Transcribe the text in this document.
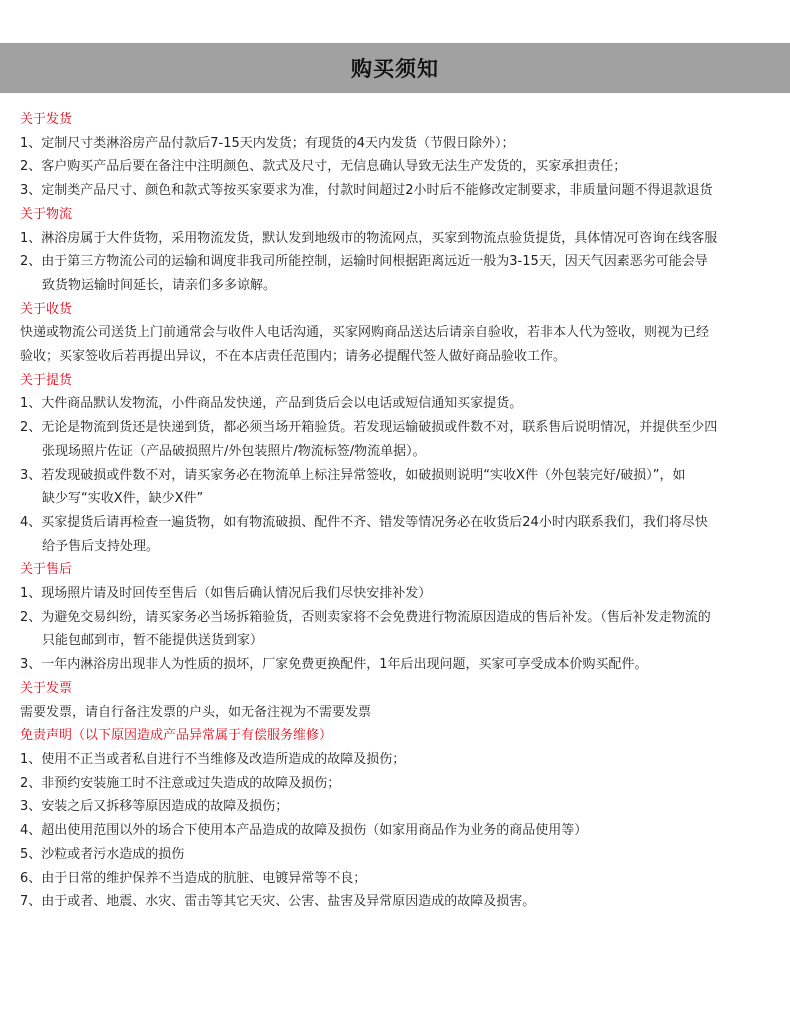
购买须知
关于发货
1、定制尺寸类淋浴房产品付款后7-15天内发货；有现货的4天内发货（节假日除外）；
2、客户购买产品后要在备注中注明颜色、款式及尺寸，无信息确认导致无法生产发货的，买家承担责任；
3、定制类产品尺寸、颜色和款式等按买家要求为准，付款时间超过2小时后不能修改定制要求，非质量问题不得退款退货
关于物流
1、淋浴房属于大件货物，采用物流发货，默认发到地级市的物流网点，买家到物流点验货提货，具体情况可咨询在线客服
2、由于第三方物流公司的运输和调度非我司所能控制，运输时间根据距离远近一般为3-15天，因天气因素恶劣可能会导
致货物运输时间延长，请亲们多多谅解。
关于收货
快递或物流公司送货上门前通常会与收件人电话沟通，买家网购商品送达后请亲自验收，若非本人代为签收，则视为已经
验收；买家签收后若再提出异议，不在本店责任范围内；请务必提醒代签人做好商品验收工作。
关于提货
1、大件商品默认发物流，小件商品发快递，产品到货后会以电话或短信通知买家提货。
2、无论是物流到货还是快递到货，都必须当场开箱验货。若发现运输破损或件数不对，联系售后说明情况，并提供至少四
张现场照片佐证（产品破损照片/外包装照片/物流标签/物流单据）。
3、若发现破损或件数不对，请买家务必在物流单上标注异常签收，如破损则说明“实收X件（外包装完好/破损）”，如
缺少写“实收X件，缺少X件”
4、买家提货后请再检查一遍货物，如有物流破损、配件不齐、错发等情况务必在收货后24小时内联系我们，我们将尽快
给予售后支持处理。
关于售后
1、现场照片请及时回传至售后（如售后确认情况后我们尽快安排补发）
2、为避免交易纠纷，请买家务必当场拆箱验货，否则卖家将不会免费进行物流原因造成的售后补发。（售后补发走物流的
只能包邮到市，暂不能提供送货到家）
3、一年内淋浴房出现非人为性质的损坏，厂家免费更换配件，1年后出现问题，买家可享受成本价购买配件。
关于发票
需要发票，请自行备注发票的户头，如无备注视为不需要发票
免责声明（以下原因造成产品异常属于有偿服务维修）
1、使用不正当或者私自进行不当维修及改造所造成的故障及损伤；
2、非预约安装施工时不注意或过失造成的故障及损伤；
3、安装之后又拆移等原因造成的故障及损伤；
4、超出使用范围以外的场合下使用本产品造成的故障及损伤（如家用商品作为业务的商品使用等）
5、沙粒或者污水造成的损伤
6、由于日常的维护保养不当造成的肮脏、电镀异常等不良；
7、由于或者、地震、水灾、雷击等其它天灾、公害、盐害及异常原因造成的故障及损害。
